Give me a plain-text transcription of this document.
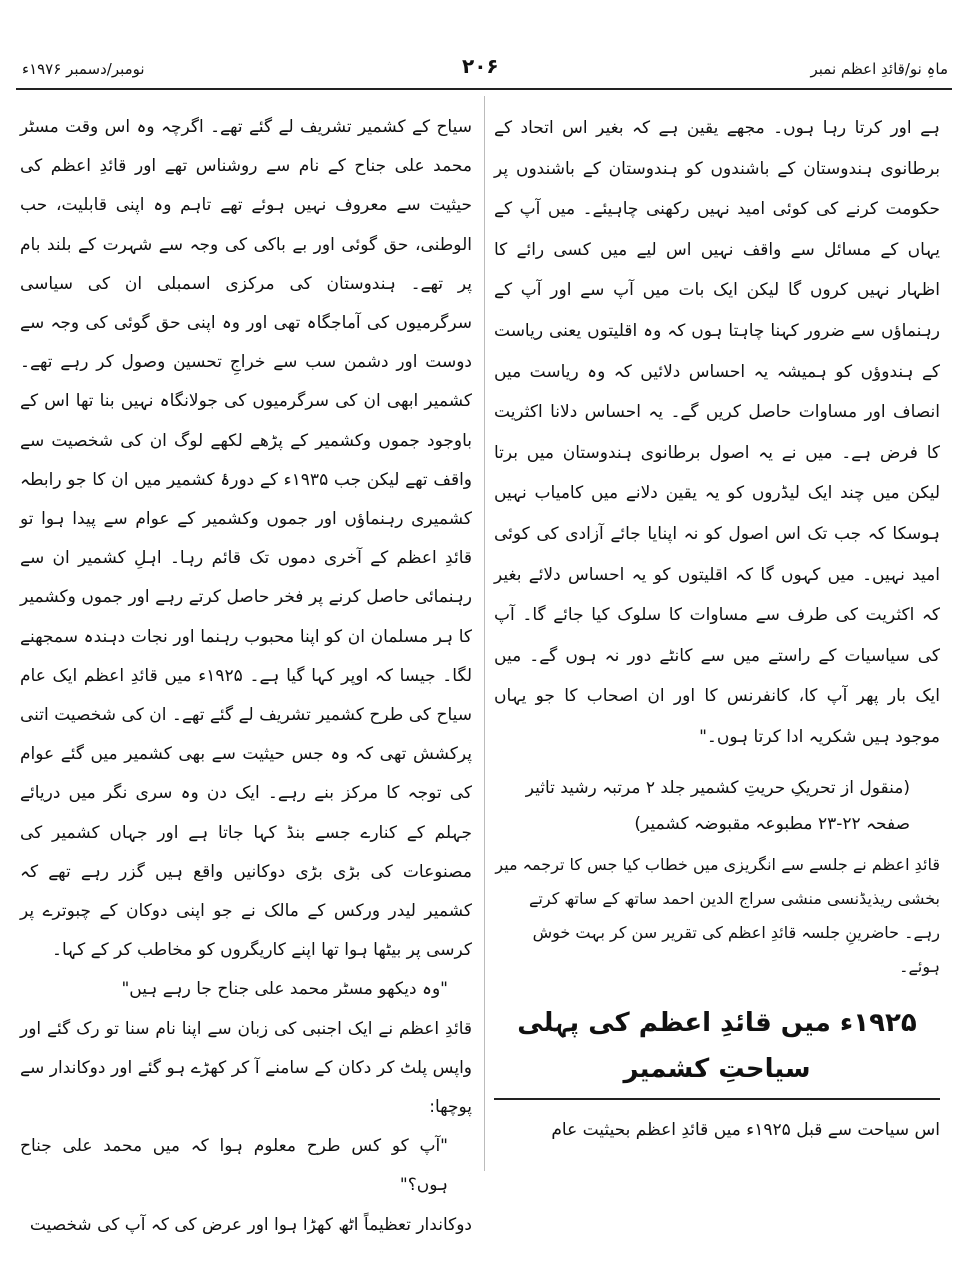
ماہِ نو/قائدِ اعظم نمبر
۲۰۶
نومبر/دسمبر ۱۹۷۶ء

ہے اور کرتا رہا ہوں۔ مجھے یقین ہے کہ بغیر اس اتحاد کے برطانوی ہندوستان کے باشندوں کو ہندوستان کے باشندوں پر حکومت کرنے کی کوئی امید نہیں رکھنی چاہیئے۔ میں آپ کے یہاں کے مسائل سے واقف نہیں اس لیے میں کسی رائے کا اظہار نہیں کروں گا لیکن ایک بات میں آپ سے اور آپ کے رہنماؤں سے ضرور کہنا چاہتا ہوں کہ وہ اقلیتوں یعنی ریاست کے ہندوؤں کو ہمیشہ یہ احساس دلائیں کہ وہ ریاست میں انصاف اور مساوات حاصل کریں گے۔ یہ احساس دلانا اکثریت کا فرض ہے۔ میں نے یہ اصول برطانوی ہندوستان میں برتا لیکن میں چند ایک لیڈروں کو یہ یقین دلانے میں کامیاب نہیں ہوسکا کہ جب تک اس اصول کو نہ اپنایا جائے آزادی کی کوئی امید نہیں۔ میں کہوں گا کہ اقلیتوں کو یہ احساس دلائے بغیر کہ اکثریت کی طرف سے مساوات کا سلوک کیا جائے گا۔ آپ کی سیاسیات کے راستے میں سے کانٹے دور نہ ہوں گے۔ میں ایک بار پھر آپ کا، کانفرنس کا اور ان اصحاب کا جو یہاں موجود ہیں شکریہ ادا کرتا ہوں۔"

(منقول از تحریکِ حریتِ کشمیر جلد ۲ مرتبہ رشید تاثیر
صفحہ ۲۲-۲۳ مطبوعہ مقبوضہ کشمیر)

قائدِ اعظم نے جلسے سے انگریزی میں خطاب کیا جس کا ترجمہ میر بخشی ریذیڈنسی منشی سراج الدین احمد ساتھ کے ساتھ کرتے رہے۔ حاضرینِ جلسہ قائدِ اعظم کی تقریر سن کر بہت خوش ہوئے۔

۱۹۲۵ء میں قائدِ اعظم کی پہلی سیاحتِ کشمیر

اس سیاحت سے قبل ۱۹۲۵ء میں قائدِ اعظم بحیثیت عام

سیاح کے کشمیر تشریف لے گئے تھے۔ اگرچہ وہ اس وقت مسٹر محمد علی جناح کے نام سے روشناس تھے اور قائدِ اعظم کی حیثیت سے معروف نہیں ہوئے تھے تاہم وہ اپنی قابلیت، حب الوطنی، حق گوئی اور بے باکی کی وجہ سے شہرت کے بلند بام پر تھے۔ ہندوستان کی مرکزی اسمبلی ان کی سیاسی سرگرمیوں کی آماجگاہ تھی اور وہ اپنی حق گوئی کی وجہ سے دوست اور دشمن سب سے خراجِ تحسین وصول کر رہے تھے۔ کشمیر ابھی ان کی سرگرمیوں کی جولانگاہ نہیں بنا تھا اس کے باوجود جموں وکشمیر کے پڑھے لکھے لوگ ان کی شخصیت سے واقف تھے لیکن جب ۱۹۳۵ء کے دورۂ کشمیر میں ان کا جو رابطہ کشمیری رہنماؤں اور جموں وکشمیر کے عوام سے پیدا ہوا تو قائدِ اعظم کے آخری دموں تک قائم رہا۔ اہلِ کشمیر ان سے رہنمائی حاصل کرنے پر فخر حاصل کرتے رہے اور جموں وکشمیر کا ہر مسلمان ان کو اپنا محبوب رہنما اور نجات دہندہ سمجھنے لگا۔ جیسا کہ اوپر کہا گیا ہے۔ ۱۹۲۵ء میں قائدِ اعظم ایک عام سیاح کی طرح کشمیر تشریف لے گئے تھے۔ ان کی شخصیت اتنی پرکشش تھی کہ وہ جس حیثیت سے بھی کشمیر میں گئے عوام کی توجہ کا مرکز بنے رہے۔ ایک دن وہ سری نگر میں دریائے جہلم کے کنارے جسے بنڈ کہا جاتا ہے اور جہاں کشمیر کی مصنوعات کی بڑی بڑی دوکانیں واقع ہیں گزر رہے تھے کہ کشمیر لیدر ورکس کے مالک نے جو اپنی دوکان کے چبوترے پر کرسی پر بیٹھا ہوا تھا اپنے کاریگروں کو مخاطب کر کے کہا۔

"وہ دیکھو مسٹر محمد علی جناح جا رہے ہیں"

قائدِ اعظم نے ایک اجنبی کی زبان سے اپنا نام سنا تو رک گئے اور واپس پلٹ کر دکان کے سامنے آ کر کھڑے ہو گئے اور دوکاندار سے پوچھا:

"آپ کو کس طرح معلوم ہوا کہ میں محمد علی جناح ہوں؟"

دوکاندار تعظیماً اٹھ کھڑا ہوا اور عرض کی کہ آپ کی شخصیت
